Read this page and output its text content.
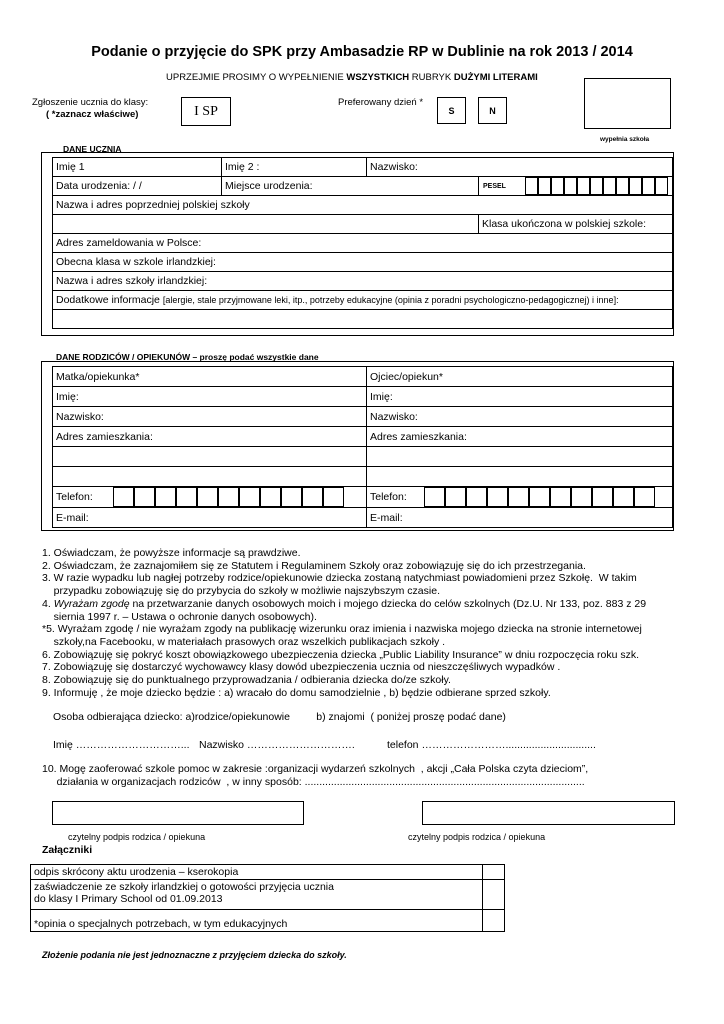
Podanie o przyjęcie do SPK przy Ambasadzie RP w Dublinie na rok 2013 / 2014
UPRZEJMIE PROSIMY O WYPEŁNIENIE WSZYSTKICH RUBRYK DUŻYMI LITERAMI
Zgłoszenie ucznia do klasy:
( *zaznacz właściwe)	I SP
Preferowany dzień *
S	N
wypełnia szkoła
DANE UCZNIA
Imię 1	Imię 2 :	Nazwisko:	
Data urodzenia: / /	Miejsce urodzenia:		PESEL
Nazwa i adres poprzedniej polskiej szkoły			
			Klasa ukończona w polskiej szkole:
Adres zameldowania w Polsce:			
Obecna klasa w szkole irlandzkiej:			
Nazwa i adres szkoły irlandzkiej:			
Dodatkowe informacje [alergie, stale przyjmowane leki, itp., potrzeby edukacyjne (opinia z poradni psychologiczno-pedagogicznej) i inne]:			

DANE RODZICÓW / OPIEKUNÓW – proszę podać wszystkie dane
Matka/opiekunka*	Ojciec/opiekun*
Imię:	Imię:
Nazwisko:	Nazwisko:
Adres zamieszkania:	Adres zamieszkania:

Telefon:	Telefon:
E-mail:	E-mail:

1. Oświadczam, że powyższe informacje są prawdziwe.

2. Oświadczam, że zaznajomiłem się ze Statutem i Regulaminem Szkoły oraz zobowiązuję się do ich przestrzegania.

3. W razie wypadku lub nagłej potrzeby rodzice/opiekunowie dziecka zostaną natychmiast powiadomieni przez Szkołę.  W takim

przypadku zobowiązuję się do przybycia do szkoły w możliwie najszybszym czasie.

4. Wyrażam zgodę na przetwarzanie danych osobowych moich i mojego dziecka do celów szkolnych (Dz.U. Nr 133, poz. 883 z 29

siernia 1997 r. – Ustawa o ochronie danych osobowych).

*5. Wyrażam zgodę / nie wyrażam zgody na publikację wizerunku oraz imienia i nazwiska mojego dziecka na stronie internetowej

szkoły,na Facebooku, w materiałach prasowych oraz wszelkich publikacjach szkoły .

6. Zobowiązuję się pokryć koszt obowiązkowego ubezpieczenia dziecka „Public Liability Insurance” w dniu rozpoczęcia roku szk.

7. Zobowiązuję się dostarczyć wychowawcy klasy dowód ubezpieczenia ucznia od nieszczęśliwych wypadków .

8. Zobowiązuję się do punktualnego przyprowadzania / odbierania dziecka do/ze szkoły.

9. Informuję , że moje dziecko będzie : a) wracało do domu samodzielnie , b) będzie odbierane sprzed szkoły.

Osoba odbierająca dziecko: a)rodzice/opiekunowie         b) znajomi  ( poniżej proszę podać dane)
Imię …………………………... Nazwisko ………………………….	telefon ……………………...............................
10. Mogę zaoferować szkole pomoc w zakresie :organizacji wydarzeń szkolnych  , akcji „Cała Polska czyta dzieciom”,
działania w organizacjach rodziców  , w inny sposób: ................................................................................................
czytelny podpis rodzica / opiekuna	czytelny podpis rodzica / opiekuna
Załączniki
odpis skrócony aktu urodzenia – kserokopia	
zaświadczenie ze szkoły irlandzkiej o gotowości przyjęcia ucznia
do klasy I Primary School od 01.09.2013	
*opinia o specjalnych potrzebach, w tym edukacyjnych	
Złożenie podania nie jest jednoznaczne z przyjęciem dziecka do szkoły.
